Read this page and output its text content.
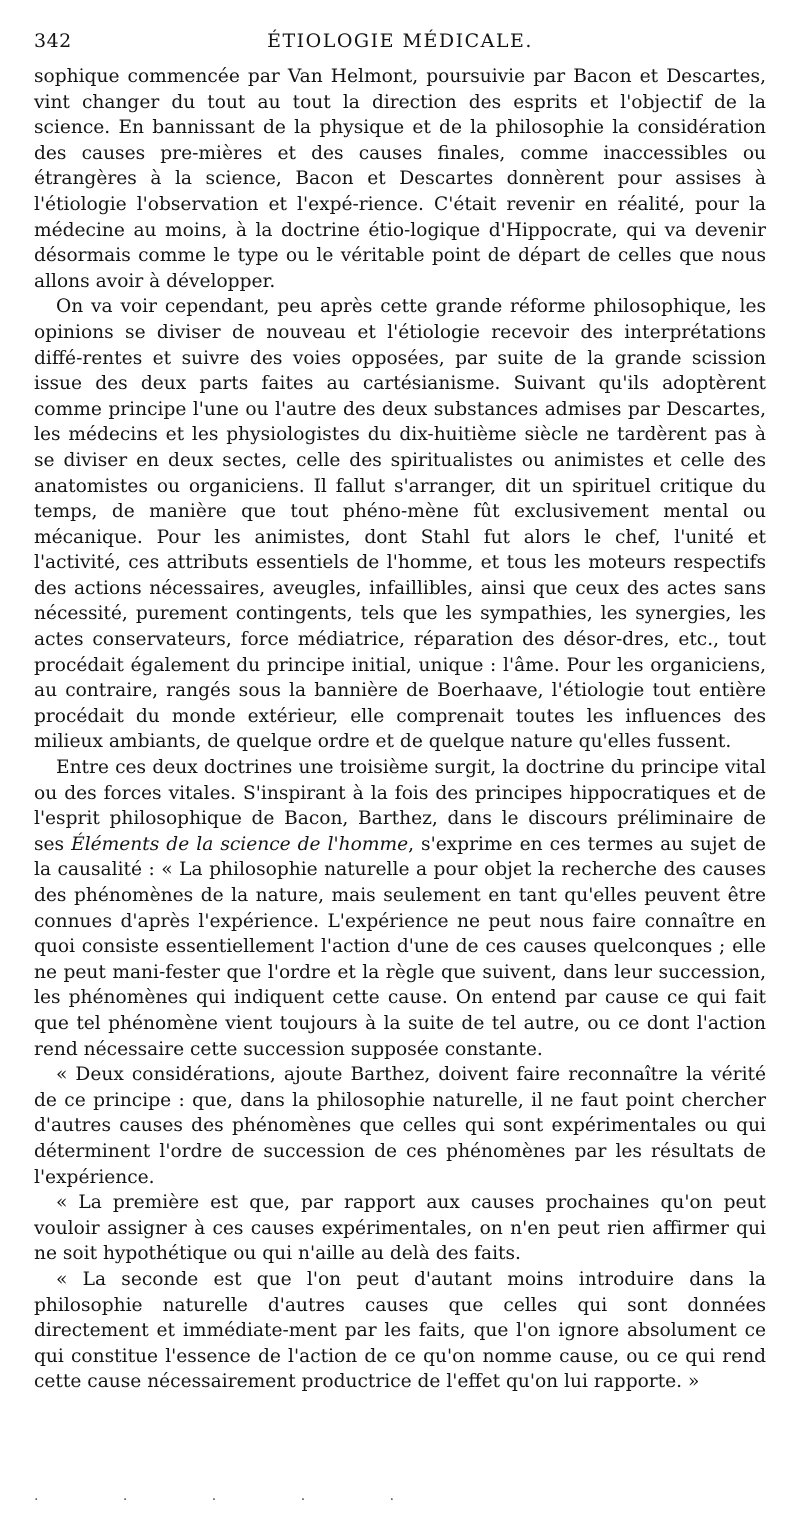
342	ÉTIOLOGIE MÉDICALE.

sophique commencée par Van Helmont, poursuivie par Bacon et Descartes, vint changer du tout au tout la direction des esprits et l'objectif de la science. En bannissant de la physique et de la philosophie la considération des causes pre-mières et des causes finales, comme inaccessibles ou étrangères à la science, Bacon et Descartes donnèrent pour assises à l'étiologie l'observation et l'expé-rience. C'était revenir en réalité, pour la médecine au moins, à la doctrine étio-logique d'Hippocrate, qui va devenir désormais comme le type ou le véritable point de départ de celles que nous allons avoir à développer.

On va voir cependant, peu après cette grande réforme philosophique, les opinions se diviser de nouveau et l'étiologie recevoir des interprétations diffé-rentes et suivre des voies opposées, par suite de la grande scission issue des deux parts faites au cartésianisme. Suivant qu'ils adoptèrent comme principe l'une ou l'autre des deux substances admises par Descartes, les médecins et les physiologistes du dix-huitième siècle ne tardèrent pas à se diviser en deux sectes, celle des spiritualistes ou animistes et celle des anatomistes ou organiciens. Il fallut s'arranger, dit un spirituel critique du temps, de manière que tout phéno-mène fût exclusivement mental ou mécanique. Pour les animistes, dont Stahl fut alors le chef, l'unité et l'activité, ces attributs essentiels de l'homme, et tous les moteurs respectifs des actions nécessaires, aveugles, infaillibles, ainsi que ceux des actes sans nécessité, purement contingents, tels que les sympathies, les synergies, les actes conservateurs, force médiatrice, réparation des désor-dres, etc., tout procédait également du principe initial, unique : l'âme. Pour les organiciens, au contraire, rangés sous la bannière de Boerhaave, l'étiologie tout entière procédait du monde extérieur, elle comprenait toutes les influences des milieux ambiants, de quelque ordre et de quelque nature qu'elles fussent.

Entre ces deux doctrines une troisième surgit, la doctrine du principe vital ou des forces vitales. S'inspirant à la fois des principes hippocratiques et de l'esprit philosophique de Bacon, Barthez, dans le discours préliminaire de ses Éléments de la science de l'homme, s'exprime en ces termes au sujet de la causalité : « La philosophie naturelle a pour objet la recherche des causes des phénomènes de la nature, mais seulement en tant qu'elles peuvent être connues d'après l'expérience. L'expérience ne peut nous faire connaître en quoi consiste essentiellement l'action d'une de ces causes quelconques ; elle ne peut mani-fester que l'ordre et la règle que suivent, dans leur succession, les phénomènes qui indiquent cette cause. On entend par cause ce qui fait que tel phénomène vient toujours à la suite de tel autre, ou ce dont l'action rend nécessaire cette succession supposée constante.

« Deux considérations, ajoute Barthez, doivent faire reconnaître la vérité de ce principe : que, dans la philosophie naturelle, il ne faut point chercher d'autres causes des phénomènes que celles qui sont expérimentales ou qui déterminent l'ordre de succession de ces phénomènes par les résultats de l'expérience.

« La première est que, par rapport aux causes prochaines qu'on peut vouloir assigner à ces causes expérimentales, on n'en peut rien affirmer qui ne soit hypothétique ou qui n'aille au delà des faits.

« La seconde est que l'on peut d'autant moins introduire dans la philosophie naturelle d'autres causes que celles qui sont données directement et immédiate-ment par les faits, que l'on ignore absolument ce qui constitue l'essence de l'action de ce qu'on nomme cause, ou ce qui rend cette cause nécessairement productrice de l'effet qu'on lui rapporte. »

. . . . .
